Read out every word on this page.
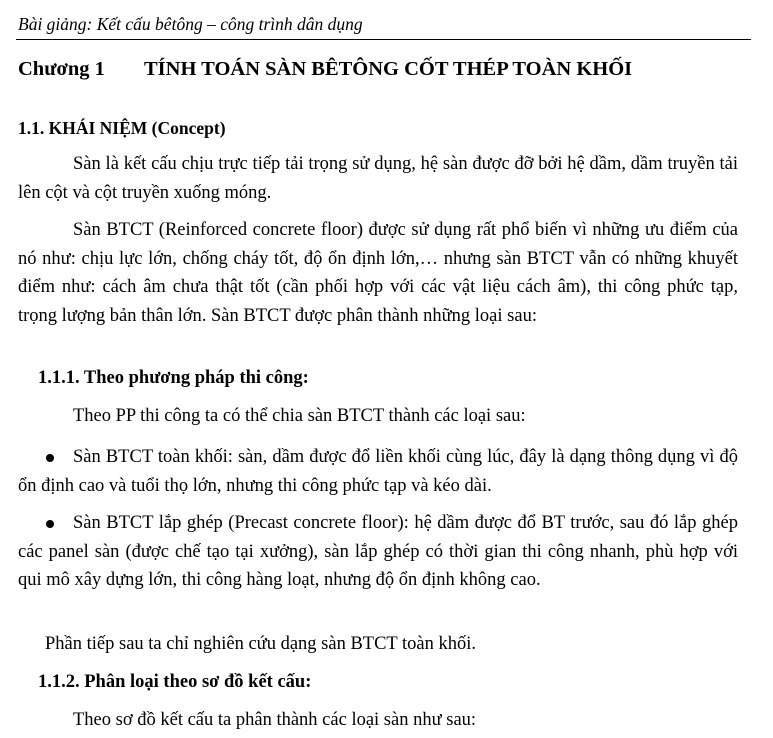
Bài giảng: Kết cấu bêtông – công trình dân dụng
Chương 1 TÍNH TOÁN SÀN BÊTÔNG CỐT THÉP TOÀN KHỐI
1.1. KHÁI NIỆM (Concept)
Sàn là kết cấu chịu trực tiếp tải trọng sử dụng, hệ sàn được đỡ bởi hệ dầm, dầm truyền tải lên cột và cột truyền xuống móng.
Sàn BTCT (Reinforced concrete floor) được sử dụng rất phổ biến vì những ưu điểm của nó như: chịu lực lớn, chống cháy tốt, độ ổn định lớn,… nhưng sàn BTCT vẫn có những khuyết điểm như: cách âm chưa thật tốt (cần phối hợp với các vật liệu cách âm), thi công phức tạp, trọng lượng bản thân lớn. Sàn BTCT được phân thành những loại sau:
1.1.1. Theo phương pháp thi công:
Theo PP thi công ta có thể chia sàn BTCT thành các loại sau:
Sàn BTCT toàn khối: sàn, dầm được đổ liền khối cùng lúc, đây là dạng thông dụng vì độ ổn định cao và tuổi thọ lớn, nhưng thi công phức tạp và kéo dài.
Sàn BTCT lắp ghép (Precast concrete floor): hệ dầm được đổ BT trước, sau đó lắp ghép các panel sàn (được chế tạo tại xưởng), sàn lắp ghép có thời gian thi công nhanh, phù hợp với qui mô xây dựng lớn, thi công hàng loạt, nhưng độ ổn định không cao.
Phần tiếp sau ta chỉ nghiên cứu dạng sàn BTCT toàn khối.
1.1.2. Phân loại theo sơ đồ kết cấu:
Theo sơ đồ kết cấu ta phân thành các loại sàn như sau:
